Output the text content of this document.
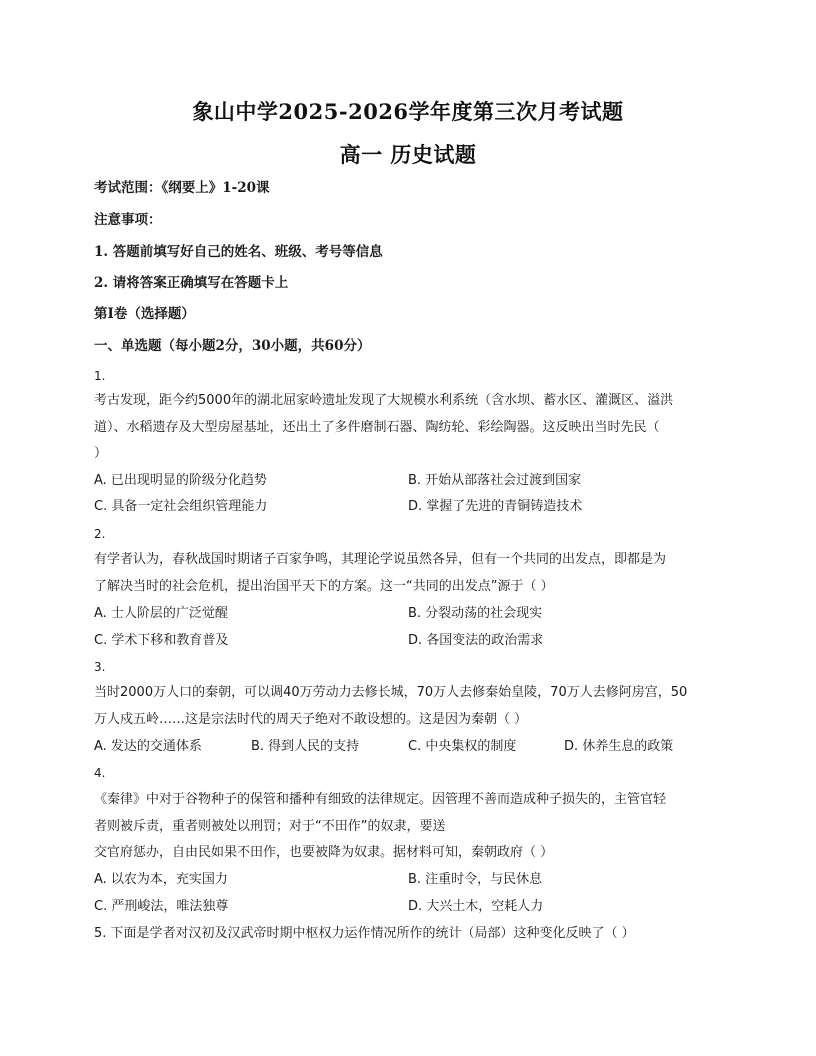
象山中学2025-2026学年度第三次月考试题
高一 历史试题
考试范围：《纲要上》1-20课
注意事项：
1. 答题前填写好自己的姓名、班级、考号等信息
2. 请将答案正确填写在答题卡上
第I卷（选择题）
一、单选题（每小题2分，30小题，共60分）
1.
考古发现，距今约5000年的湖北屈家岭遗址发现了大规模水利系统（含水坝、蓄水区、灌溉区、溢洪
道）、水稻遗存及大型房屋基址，还出土了多件磨制石器、陶纺轮、彩绘陶器。这反映出当时先民（
）
A. 已出现明显的阶级分化趋势	B. 开始从部落社会过渡到国家
C. 具备一定社会组织管理能力	D. 掌握了先进的青铜铸造技术
2.
有学者认为，春秋战国时期诸子百家争鸣，其理论学说虽然各异，但有一个共同的出发点，即都是为
了解决当时的社会危机，提出治国平天下的方案。这一“共同的出发点”源于（ ）
A. 士人阶层的广泛觉醒	B. 分裂动荡的社会现实
C. 学术下移和教育普及	D. 各国变法的政治需求
3.
当时2000万人口的秦朝，可以调40万劳动力去修长城，70万人去修秦始皇陵，70万人去修阿房宫，50
万人戍五岭……这是宗法时代的周天子绝对不敢设想的。这是因为秦朝（ ）
A. 发达的交通体系	B. 得到人民的支持	C. 中央集权的制度	D. 休养生息的政策
4.
《秦律》中对于谷物种子的保管和播种有细致的法律规定。因管理不善而造成种子损失的，主管官轻
者则被斥责，重者则被处以刑罚；对于“不田作”的奴隶，要送
交官府惩办，自由民如果不田作，也要被降为奴隶。据材料可知，秦朝政府（ ）
A. 以农为本，充实国力	B. 注重时令，与民休息
C. 严刑峻法，唯法独尊	D. 大兴土木，空耗人力
5. 下面是学者对汉初及汉武帝时期中枢权力运作情况所作的统计（局部）这种变化反映了（ ）
